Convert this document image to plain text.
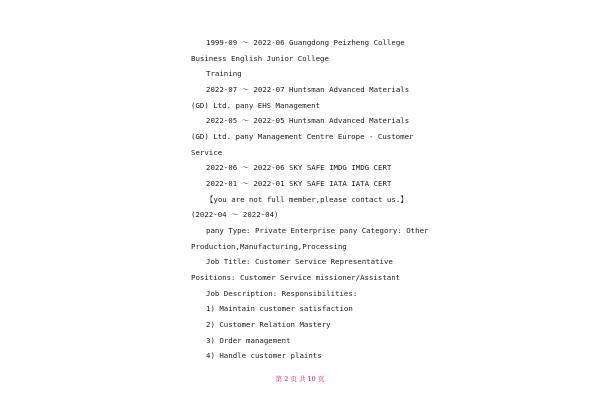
1999-09 ～ 2022-06 Guangdong Peizheng College
Business English Junior College
Training
2022-07 ～ 2022-07 Huntsman Advanced Materials
(GD) Ltd. pany EHS Management
2022-05 ～ 2022-05 Huntsman Advanced Materials
(GD) Ltd. pany Management Centre Europe - Customer
Service
2022-06 ～ 2022-06 SKY SAFE IMDG IMDG CERT
2022-01 ～ 2022-01 SKY SAFE IATA IATA CERT
【you are not full member,please contact us.】
(2022-04 ～ 2022-04)
pany Type: Private Enterprise pany Category: Other
Production,Manufacturing,Processing
Job Title: Customer Service Representative
Positions: Customer Service missioner/Assistant
Job Description: Responsibilities:
1) Maintain customer satisfaction
2) Customer Relation Mastery
3) Order management
4) Handle customer plaints
第 2 页 共 10 页
